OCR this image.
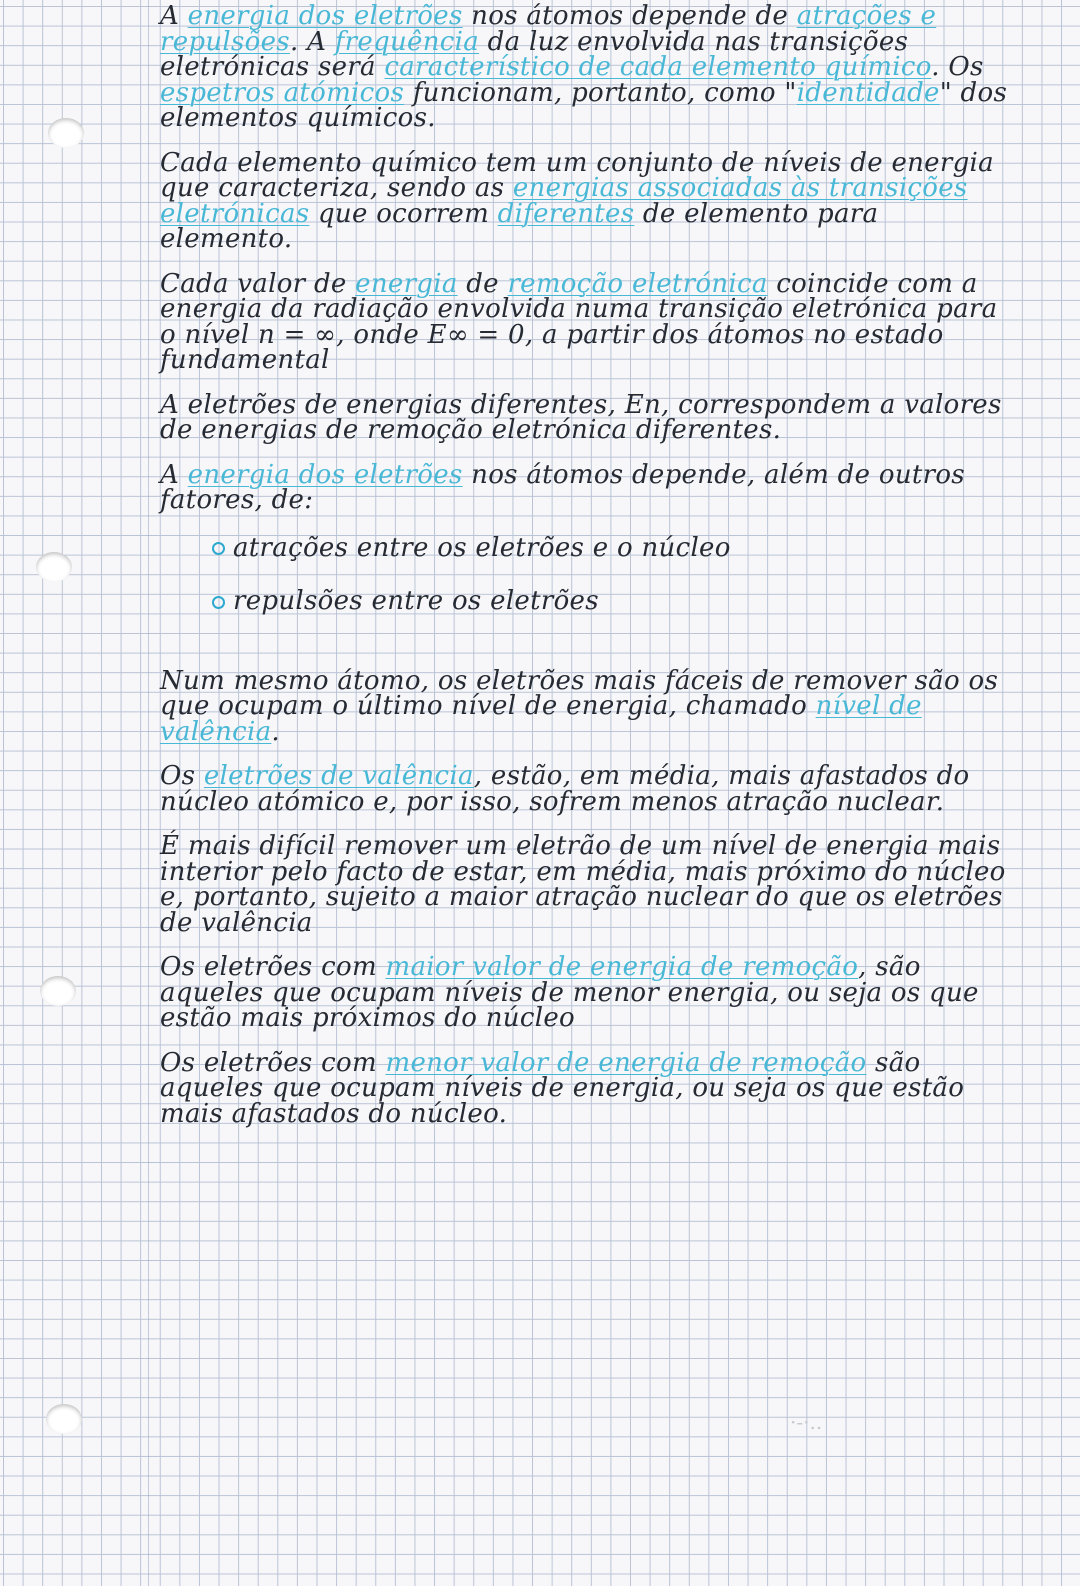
A energia dos eletrões nos átomos depende de atrações e repulsões. A frequência da luz envolvida nas transições eletrónicas será característico de cada elemento químico. Os espetros atómicos funcionam, portanto, como "identidade" dos elementos químicos.

Cada elemento químico tem um conjunto de níveis de energia que caracteriza, sendo as energias associadas às transições eletrónicas que ocorrem diferentes de elemento para elemento.

Cada valor de energia de remoção eletrónica coincide com a energia da radiação envolvida numa transição eletrónica para o nível n = ∞, onde E∞ = 0, a partir dos átomos no estado fundamental

A eletrões de energias diferentes, En, correspondem a valores de energias de remoção eletrónica diferentes.

A energia dos eletrões nos átomos depende, além de outros fatores, de:

atrações entre os eletrões e o núcleo
repulsões entre os eletrões

Num mesmo átomo, os eletrões mais fáceis de remover são os que ocupam o último nível de energia, chamado nível de valência.

Os eletrões de valência, estão, em média, mais afastados do núcleo atómico e, por isso, sofrem menos atração nuclear.

É mais difícil remover um eletrão de um nível de energia mais interior pelo facto de estar, em média, mais próximo do núcleo e, portanto, sujeito a maior atração nuclear do que os eletrões de valência

Os eletrões com maior valor de energia de remoção, são aqueles que ocupam níveis de menor energia, ou seja os que estão mais próximos do núcleo

Os eletrões com menor valor de energia de remoção são aqueles que ocupam níveis de energia, ou seja os que estão mais afastados do núcleo.

·-·..
